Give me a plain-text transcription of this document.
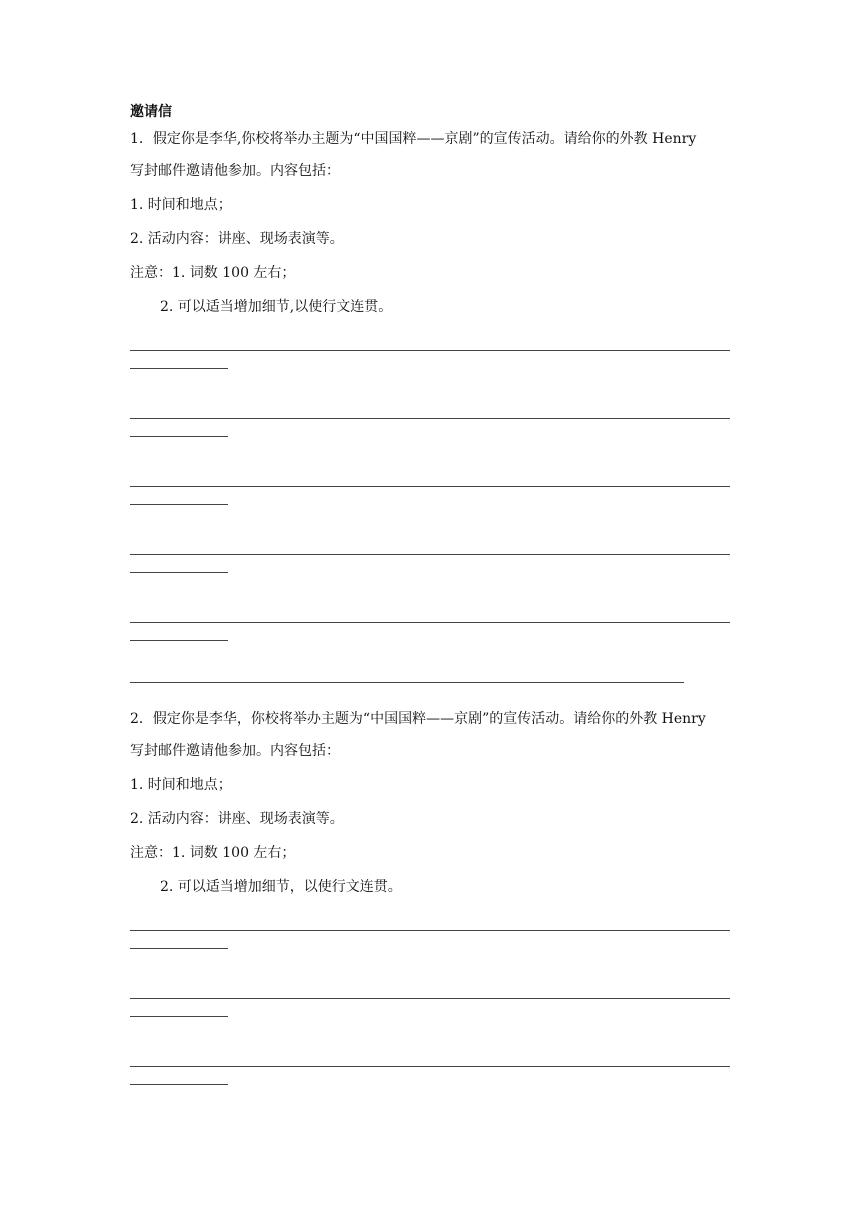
邀请信
1．假定你是李华,你校将举办主题为“中国国粹——京剧”的宣传活动。请给你的外教 Henry
写封邮件邀请他参加。内容包括：
1. 时间和地点；
2. 活动内容：讲座、现场表演等。
注意：1. 词数 100 左右；
2. 可以适当增加细节,以使行文连贯。
2．假定你是李华，你校将举办主题为“中国国粹——京剧”的宣传活动。请给你的外教 Henry
写封邮件邀请他参加。内容包括：
1. 时间和地点；
2. 活动内容：讲座、现场表演等。
注意：1. 词数 100 左右；
2. 可以适当增加细节，以使行文连贯。
